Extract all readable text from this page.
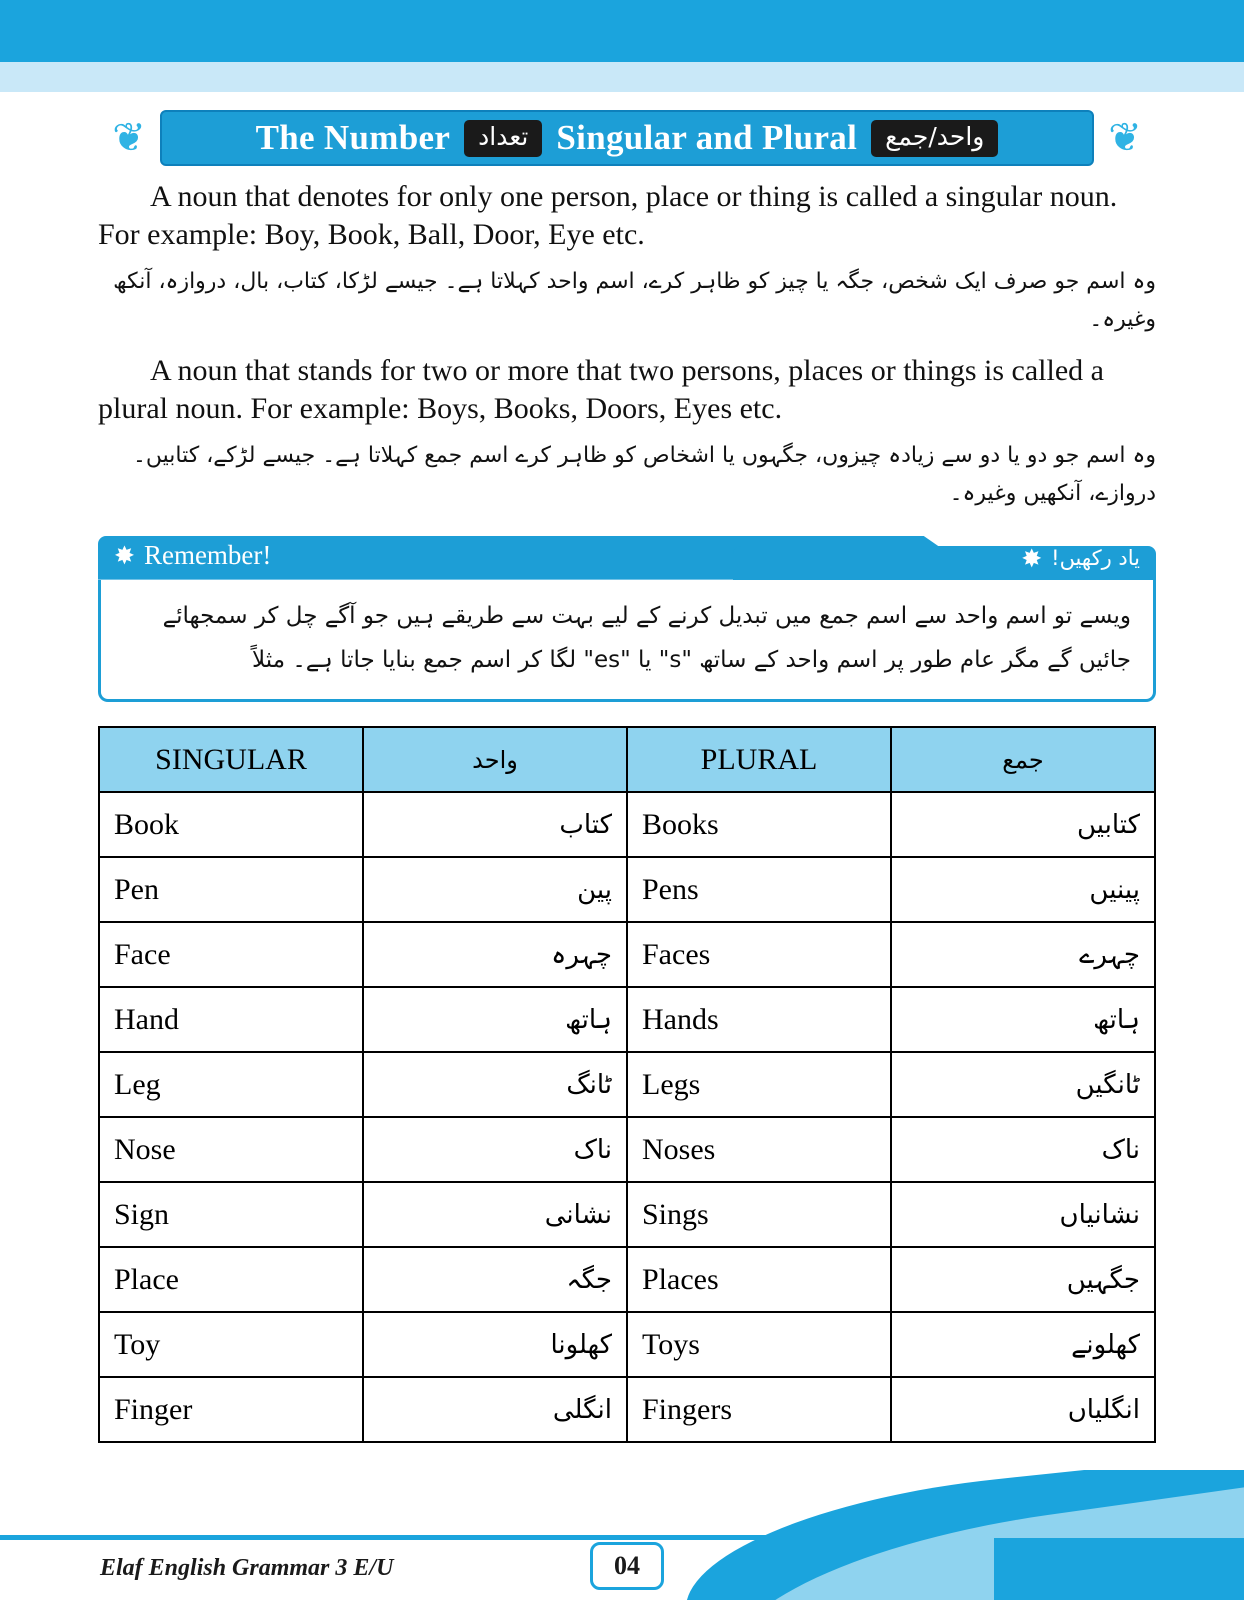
❦	The Number	تعداد Singular and Plural	واحد/جمع	❦

A noun that denotes for only one person, place or thing is called a singular noun. For example: Boy, Book, Ball, Door, Eye etc.

وہ اسم جو صرف ایک شخص، جگہ یا چیز کو ظاہر کرے، اسم واحد کہلاتا ہے۔ جیسے لڑکا، کتاب، بال، دروازہ، آنکھ وغیرہ۔

A noun that stands for two or more that two persons, places or things is called a plural noun. For example: Boys, Books, Doors, Eyes etc.

وہ اسم جو دو یا دو سے زیادہ چیزوں، جگہوں یا اشخاص کو ظاہر کرے اسم جمع کہلاتا ہے۔ جیسے لڑکے، کتابیں۔ دروازے، آنکھیں وغیرہ۔

✸ Remember!	یاد رکھیں!
✸
ویسے تو اسم واحد سے اسم جمع میں تبدیل کرنے کے لیے بہت سے طریقے ہیں جو آگے چل کر سمجھائے جائیں گے مگر عام طور پر اسم واحد کے ساتھ "s" یا "es" لگا کر اسم جمع بنایا جاتا ہے۔ مثلاً
SINGULAR	واحد	PLURAL	جمع
Book	کتاب	Books	کتابیں
Pen	پین	Pens	پینیں
Face	چہرہ	Faces	چہرے
Hand	ہاتھ	Hands	ہاتھ
Leg	ٹانگ	Legs	ٹانگیں
Nose	ناک	Noses	ناک
Sign	نشانی	Sings	نشانیاں
Place	جگہ	Places	جگہیں
Toy	کھلونا	Toys	کھلونے
Finger	انگلی	Fingers	انگلیاں
Elaf English Grammar 3 E/U	04
